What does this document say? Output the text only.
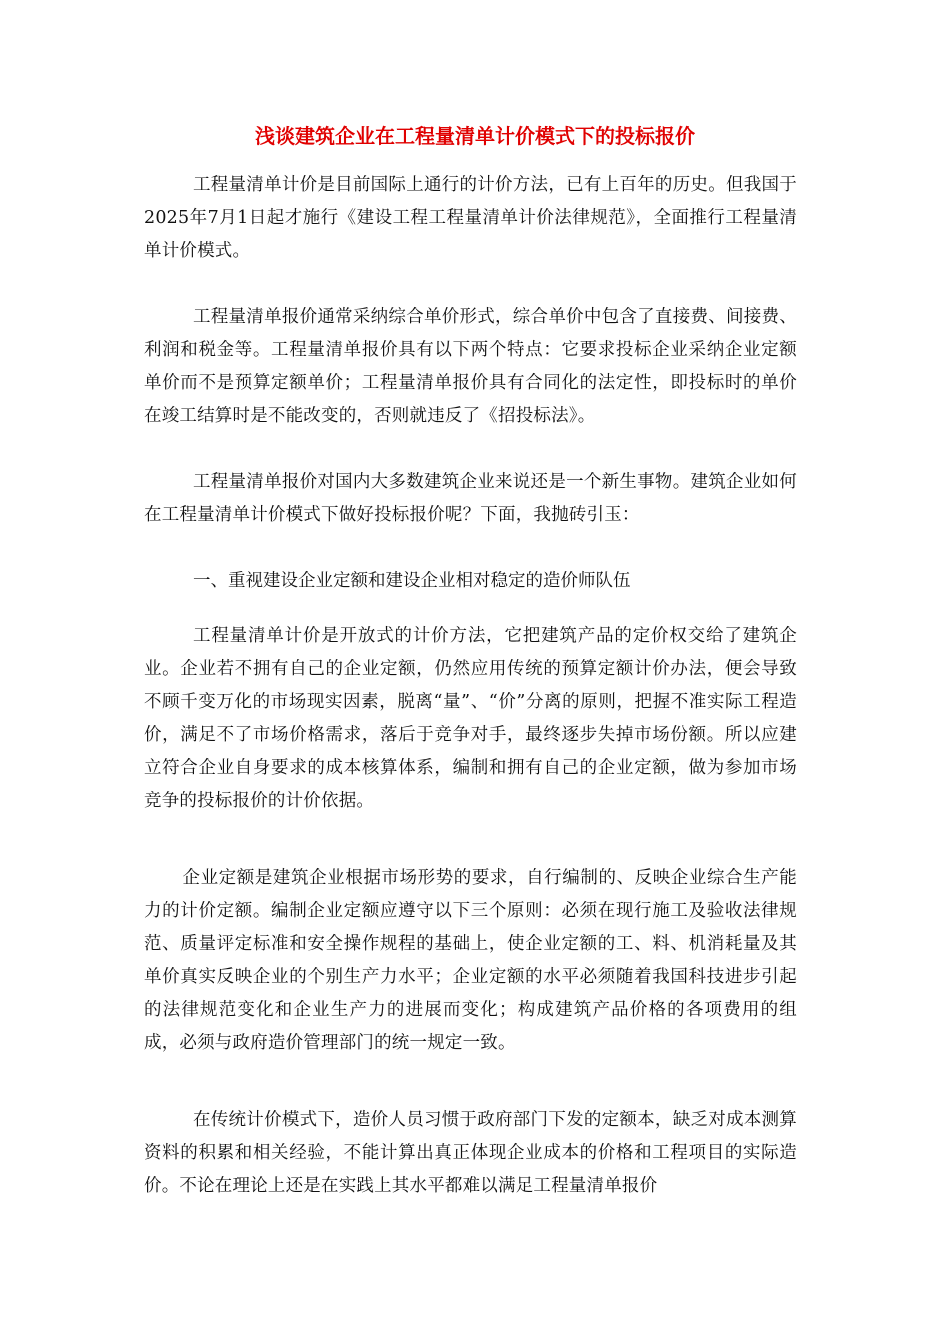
浅谈建筑企业在工程量清单计价模式下的投标报价

工程量清单计价是目前国际上通行的计价方法，已有上百年的历史。但我国于2025年7月1日起才施行《建设工程工程量清单计价法律规范》，全面推行工程量清单计价模式。

工程量清单报价通常采纳综合单价形式，综合单价中包含了直接费、间接费、利润和税金等。工程量清单报价具有以下两个特点：它要求投标企业采纳企业定额单价而不是预算定额单价；工程量清单报价具有合同化的法定性，即投标时的单价在竣工结算时是不能改变的，否则就违反了《招投标法》。

工程量清单报价对国内大多数建筑企业来说还是一个新生事物。建筑企业如何在工程量清单计价模式下做好投标报价呢？下面，我抛砖引玉：

一、重视建设企业定额和建设企业相对稳定的造价师队伍

工程量清单计价是开放式的计价方法，它把建筑产品的定价权交给了建筑企业。企业若不拥有自己的企业定额，仍然应用传统的预算定额计价办法，便会导致不顾千变万化的市场现实因素，脱离“量”、“价”分离的原则，把握不准实际工程造价，满足不了市场价格需求，落后于竞争对手，最终逐步失掉市场份额。所以应建立符合企业自身要求的成本核算体系，编制和拥有自己的企业定额，做为参加市场竞争的投标报价的计价依据。

企业定额是建筑企业根据市场形势的要求，自行编制的、反映企业综合生产能力的计价定额。编制企业定额应遵守以下三个原则：必须在现行施工及验收法律规范、质量评定标准和安全操作规程的基础上，使企业定额的工、料、机消耗量及其单价真实反映企业的个别生产力水平；企业定额的水平必须随着我国科技进步引起的法律规范变化和企业生产力的进展而变化；构成建筑产品价格的各项费用的组成，必须与政府造价管理部门的统一规定一致。

在传统计价模式下，造价人员习惯于政府部门下发的定额本，缺乏对成本测算资料的积累和相关经验，不能计算出真正体现企业成本的价格和工程项目的实际造价。不论在理论上还是在实践上其水平都难以满足工程量清单报价
